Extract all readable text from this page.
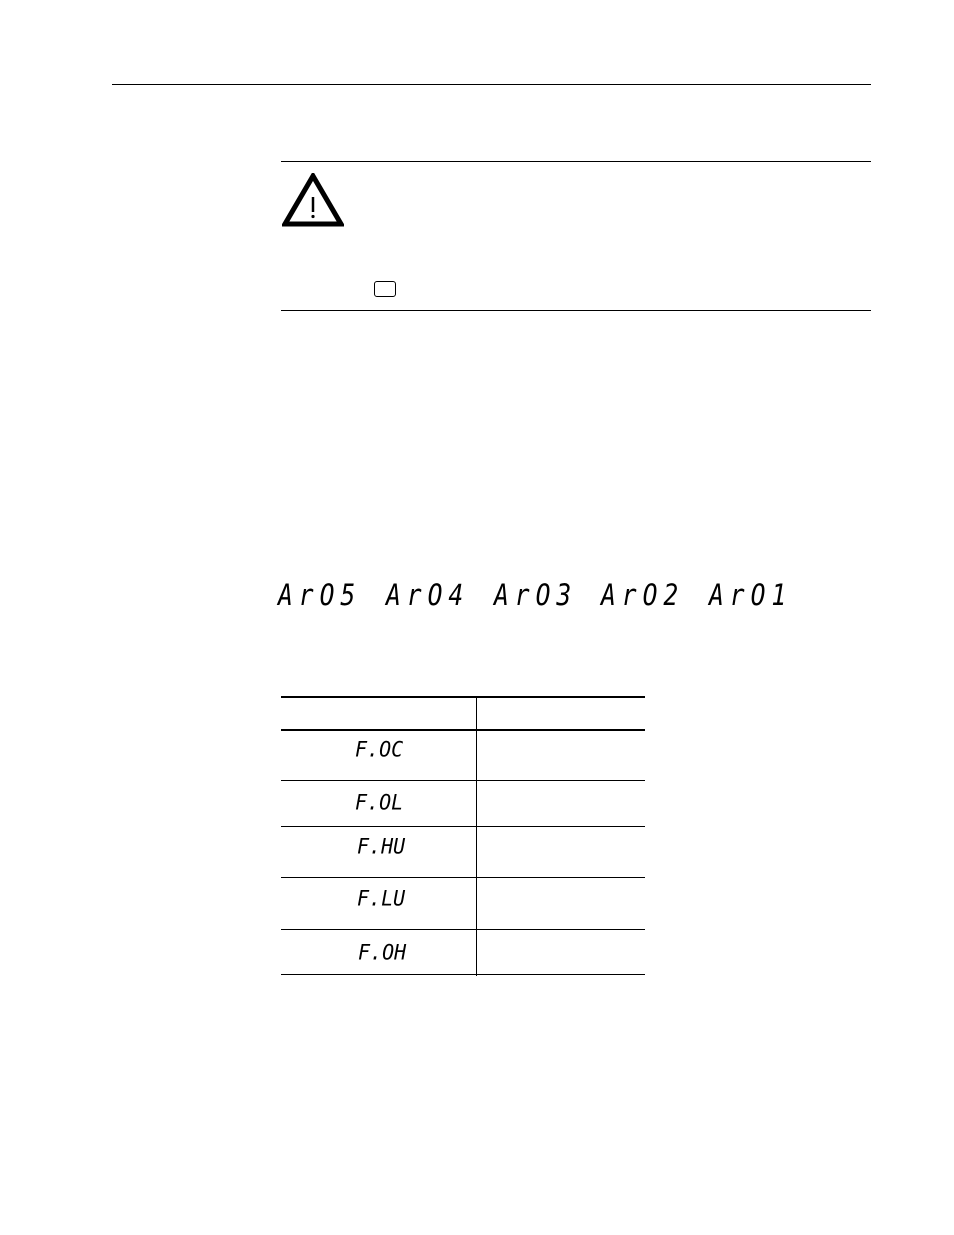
ArO5 ArO4 ArO3 ArO2 ArO1
F.OC
F.OL
F.HU
F.LU
F.OH
